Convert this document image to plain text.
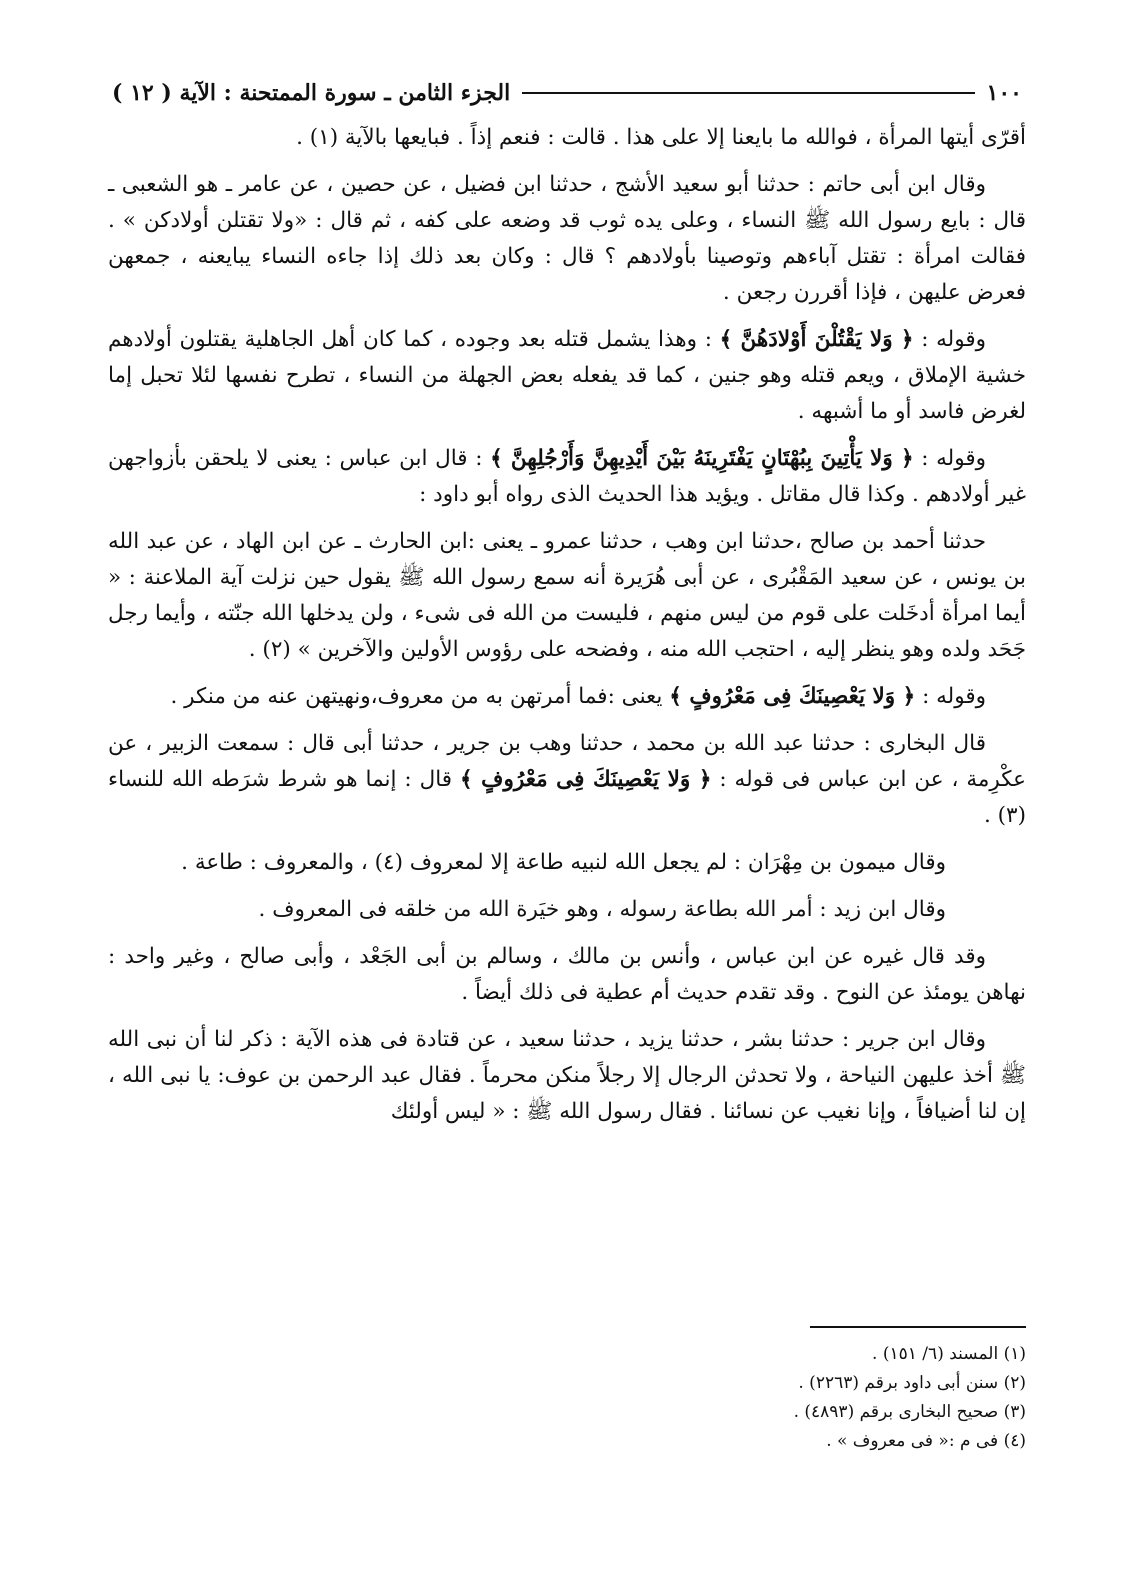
١٠٠
الجزء الثامن ـ سورة الممتحنة : الآية ( ١٢ )

أقرّى أيتها المرأة ، فوالله ما بايعنا إلا على هذا . قالت : فنعم إذاً . فبايعها بالآية (١) .

وقال ابن أبى حاتم : حدثنا أبو سعيد الأشج ، حدثنا ابن فضيل ، عن حصين ، عن عامر ـ هو الشعبى ـ قال : بايع رسول الله ﷺ النساء ، وعلى يده ثوب قد وضعه على كفه ، ثم قال : «ولا تقتلن أولادكن » . فقالت امرأة : تقتل آباءهم وتوصينا بأولادهم ؟ قال : وكان بعد ذلك إذا جاءه النساء يبايعنه ، جمعهن فعرض عليهن ، فإذا أقررن رجعن .

وقوله : ﴿ وَلا يَقْتُلْنَ أَوْلادَهُنَّ ﴾ : وهذا يشمل قتله بعد وجوده ، كما كان أهل الجاهلية يقتلون أولادهم خشية الإملاق ، ويعم قتله وهو جنين ، كما قد يفعله بعض الجهلة من النساء ، تطرح نفسها لئلا تحبل إما لغرض فاسد أو ما أشبهه .

وقوله : ﴿ وَلا يَأْتِينَ بِبُهْتَانٍ يَفْتَرِينَهُ بَيْنَ أَيْدِيهِنَّ وَأَرْجُلِهِنَّ ﴾ : قال ابن عباس : يعنى لا يلحقن بأزواجهن غير أولادهم . وكذا قال مقاتل . ويؤيد هذا الحديث الذى رواه أبو داود :

حدثنا أحمد بن صالح ،حدثنا ابن وهب ، حدثنا عمرو ـ يعنى :ابن الحارث ـ عن ابن الهاد ، عن عبد الله بن يونس ، عن سعيد المَقْبُرى ، عن أبى هُرَيرة أنه سمع رسول الله ﷺ يقول حين نزلت آية الملاعنة : « أيما امرأة أدخَلت على قوم من ليس منهم ، فليست من الله فى شىء ، ولن يدخلها الله جنّته ، وأيما رجل جَحَد ولده وهو ينظر إليه ، احتجب الله منه ، وفضحه على رؤوس الأولين والآخرين » (٢) .

وقوله : ﴿ وَلا يَعْصِينَكَ فِى مَعْرُوفٍ ﴾ يعنى :فما أمرتهن به من معروف،ونهيتهن عنه من منكر .

قال البخارى : حدثنا عبد الله بن محمد ، حدثنا وهب بن جرير ، حدثنا أبى قال : سمعت الزبير ، عن عكْرِمة ، عن ابن عباس فى قوله : ﴿ وَلا يَعْصِينَكَ فِى مَعْرُوفٍ ﴾ قال : إنما هو شرط شرَطه الله للنساء (٣) .

وقال ميمون بن مِهْرَان : لم يجعل الله لنبيه طاعة إلا لمعروف (٤) ، والمعروف : طاعة .

وقال ابن زيد : أمر الله بطاعة رسوله ، وهو خيَرة الله من خلقه فى المعروف .

وقد قال غيره عن ابن عباس ، وأنس بن مالك ، وسالم بن أبى الجَعْد ، وأبى صالح ، وغير واحد : نهاهن يومئذ عن النوح . وقد تقدم حديث أم عطية فى ذلك أيضاً .

وقال ابن جرير : حدثنا بشر ، حدثنا يزيد ، حدثنا سعيد ، عن قتادة فى هذه الآية : ذكر لنا أن نبى الله ﷺ أخذ عليهن النياحة ، ولا تحدثن الرجال إلا رجلاً منكن محرماً . فقال عبد الرحمن بن عوف: يا نبى الله ، إن لنا أضيافاً ، وإنا نغيب عن نسائنا . فقال رسول الله ﷺ : « ليس أولئك

(١) المسند (٦/ ١٥١) .
(٢) سنن أبى داود برقم (٢٢٦٣) .
(٣) صحيح البخارى برقم (٤٨٩٣) .
(٤) فى م :« فى معروف » .
